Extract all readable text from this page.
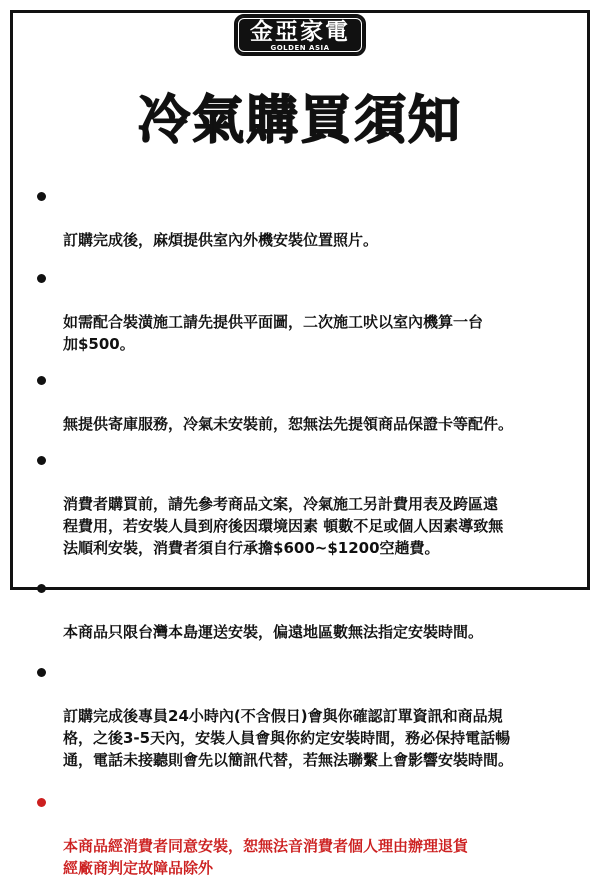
金亞家電
GOLDEN ASIA
冷氣購買須知

訂購完成後，麻煩提供室內外機安裝位置照片。

如需配合裝潢施工請先提供平面圖，二次施工吠以室內機算一台
加$500。

無提供寄庫服務，冷氣未安裝前，恕無法先提領商品保證卡等配件。

消費者購買前，請先參考商品文案，冷氣施工另計費用表及跨區遠
程費用，若安裝人員到府後因環境因素 頓數不足或個人因素導致無
法順利安裝，消費者須自行承擔$600~$1200空趟費。

本商品只限台灣本島運送安裝，偏遠地區數無法指定安裝時間。

訂購完成後專員24小時內(不含假日)會與你確認訂單資訊和商品規
格，之後3-5天內，安裝人員會與你約定安裝時間，務必保持電話暢
通，電話未接聽則會先以簡訊代替，若無法聯繫上會影響安裝時間。

本商品經消費者同意安裝，恕無法音消費者個人理由辦理退貨
經廠商判定故障品除外
